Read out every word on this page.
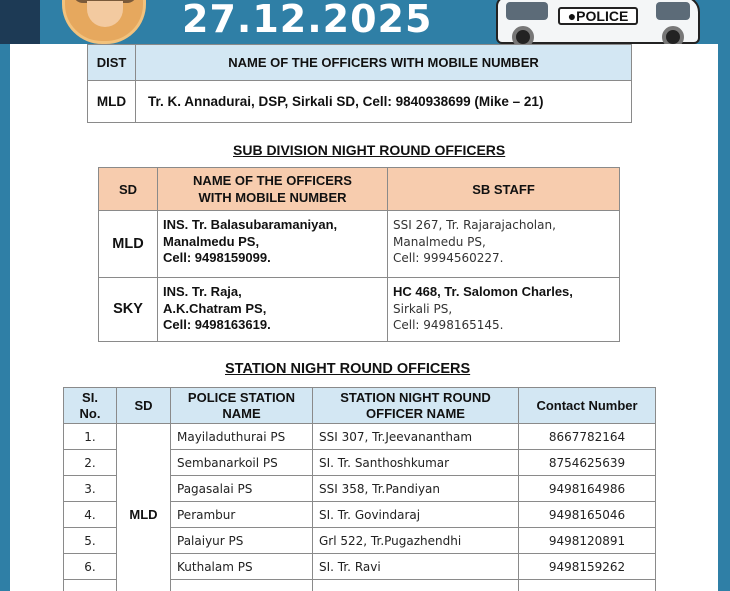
27.12.2025	●POLICE
DIST	NAME OF THE OFFICERS WITH MOBILE NUMBER
MLD	Tr. K. Annadurai, DSP, Sirkali SD, Cell: 9840938699 (Mike – 21)
SUB DIVISION NIGHT ROUND OFFICERS
SD	NAME OF THE OFFICERS
WITH MOBILE NUMBER	SB STAFF
MLD	INS. Tr. Balasubaramaniyan,
Manalmedu PS,
Cell: 9498159099.	SSI 267, Tr. Rajarajacholan,
Manalmedu PS,
Cell: 9994560227.

SKY	INS. Tr. Raja,
A.K.Chatram PS,
Cell: 9498163619.	HC 468, Tr. Salomon Charles,
Sirkali PS,
Cell: 9498165145.
STATION NIGHT ROUND OFFICERS
SI.
No.	SD	POLICE STATION
NAME	STATION NIGHT ROUND
OFFICER NAME	Contact Number
1.	MLD	Mayiladuthurai PS	SSI 307, Tr.Jeevanantham	8667782164
2.		Sembanarkoil PS	SI. Tr. Santhoshkumar	8754625639
3.		Pagasalai PS	SSI 358, Tr.Pandiyan	9498164986
4.		Perambur	SI. Tr. Govindaraj	9498165046
5.		Palaiyur PS	Grl 522, Tr.Pugazhendhi	9498120891
6.		Kuthalam PS	SI. Tr. Ravi	9498159262
